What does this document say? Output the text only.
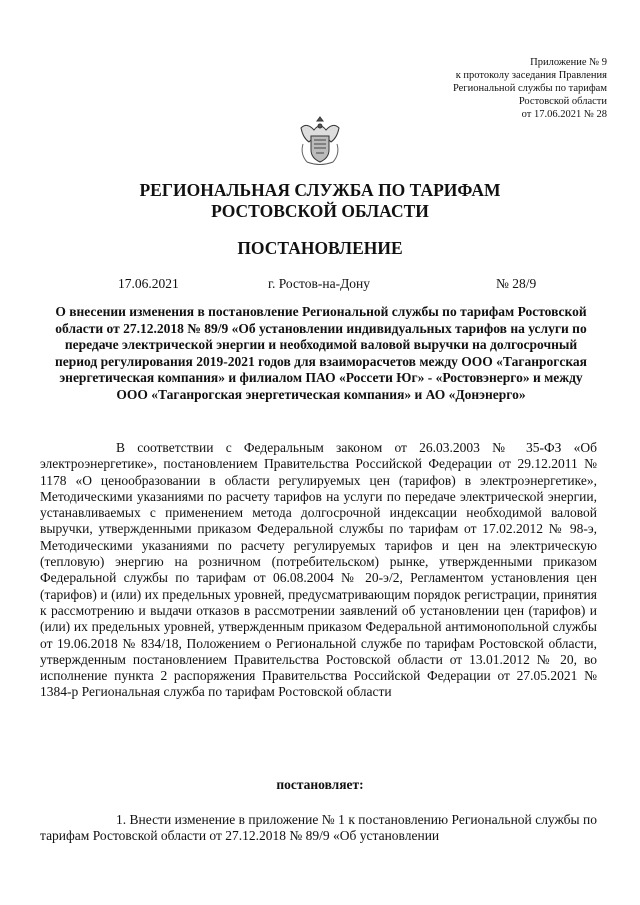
Приложение № 9
к протоколу заседания Правления
Региональной службы по тарифам
Ростовской области
от 17.06.2021 № 28
РЕГИОНАЛЬНАЯ СЛУЖБА ПО ТАРИФАМ
РОСТОВСКОЙ ОБЛАСТИ
ПОСТАНОВЛЕНИЕ
17.06.2021	г. Ростов-на-Дону	№ 28/9
О внесении изменения в постановление Региональной службы по тарифам Ростовской области от 27.12.2018 № 89/9 «Об установлении индивидуальных тарифов на услуги по передаче электрической энергии и необходимой валовой выручки на долгосрочный период регулирования 2019-2021 годов для взаиморасчетов между ООО «Таганрогская энергетическая компания» и филиалом ПАО «Россети Юг» - «Ростовэнерго» и между ООО «Таганрогская энергетическая компания» и АО «Донэнерго»

В соответствии с Федеральным законом от 26.03.2003 № 35-ФЗ «Об электроэнергетике», постановлением Правительства Российской Федерации от 29.12.2011 № 1178 «О ценообразовании в области регулируемых цен (тарифов) в электроэнергетике», Методическими указаниями по расчету тарифов на услуги по передаче электрической энергии, устанавливаемых с применением метода долгосрочной индексации необходимой валовой выручки, утвержденными приказом Федеральной службы по тарифам от 17.02.2012 № 98-э, Методическими указаниями по расчету регулируемых тарифов и цен на электрическую (тепловую) энергию на розничном (потребительском) рынке, утвержденными приказом Федеральной службы по тарифам от 06.08.2004 № 20-э/2, Регламентом установления цен (тарифов) и (или) их предельных уровней, предусматривающим порядок регистрации, принятия к рассмотрению и выдачи отказов в рассмотрении заявлений об установлении цен (тарифов) и (или) их предельных уровней, утвержденным приказом Федеральной антимонопольной службы от 19.06.2018 № 834/18, Положением о Региональной службе по тарифам Ростовской области, утвержденным постановлением Правительства Ростовской области от 13.01.2012 № 20, во исполнение пункта 2 распоряжения Правительства Российской Федерации от 27.05.2021 № 1384-р Региональная служба по тарифам Ростовской области

постановляет:

1. Внести изменение в приложение № 1 к постановлению Региональной службы по тарифам Ростовской области от 27.12.2018 № 89/9 «Об установлении
